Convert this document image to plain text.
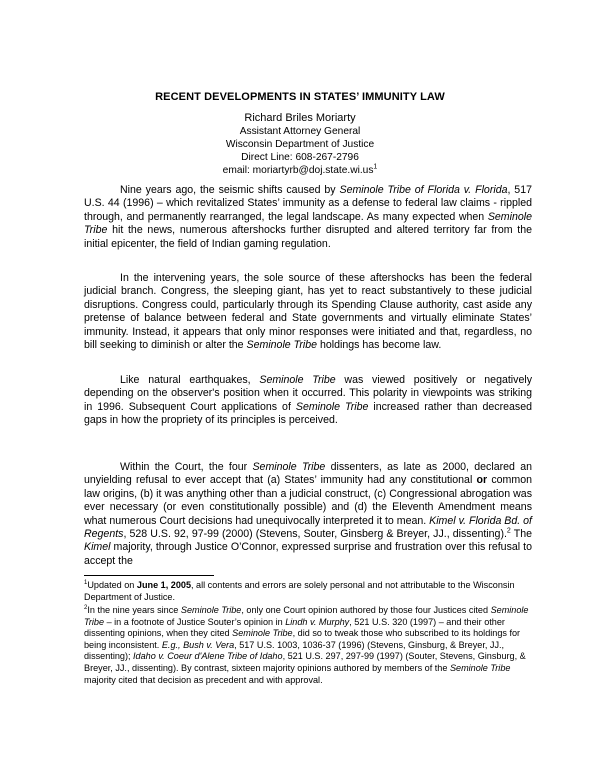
RECENT DEVELOPMENTS IN STATES’ IMMUNITY LAW
Richard Briles Moriarty
Assistant Attorney General
Wisconsin Department of Justice
Direct Line: 608-267-2796
email: $moriartyrb@doj.state.wi.us^1$

Nine years ago, the seismic shifts caused by Seminole Tribe of Florida v. Florida, 517 U.S. 44 (1996) – which revitalized States’ immunity as a defense to federal law claims - rippled through, and permanently rearranged, the legal landscape. As many expected when Seminole Tribe hit the news, numerous aftershocks further disrupted and altered territory far from the initial epicenter, the field of Indian gaming regulation.

In the intervening years, the sole source of these aftershocks has been the federal judicial branch. Congress, the sleeping giant, has yet to react substantively to these judicial disruptions. Congress could, particularly through its Spending Clause authority, cast aside any pretense of balance between federal and State governments and virtually eliminate States’ immunity. Instead, it appears that only minor responses were initiated and that, regardless, no bill seeking to diminish or alter the Seminole Tribe holdings has become law.

Like natural earthquakes, Seminole Tribe was viewed positively or negatively depending on the observer's position when it occurred. This polarity in viewpoints was striking in 1996. Subsequent Court applications of Seminole Tribe increased rather than decreased gaps in how the propriety of its principles is perceived.

Within the Court, the four Seminole Tribe dissenters, as late as 2000, declared an unyielding refusal to ever accept that (a) States’ immunity had any constitutional or common law origins, (b) it was anything other than a judicial construct, (c) Congressional abrogation was ever necessary (or even constitutionally possible) and (d) the Eleventh Amendment means what numerous Court decisions had unequivocally interpreted it to mean. Kimel v. Florida Bd. of Regents, 528 U.S. 92, 97-99 (2000) (Stevens, Souter, Ginsberg & Breyer, JJ., dissenting).$^2$ The Kimel majority, through Justice O’Connor, expressed surprise and frustration over this refusal to accept the

$^1$Updated on June 1, 2005, all contents and errors are solely personal and not attributable to the Wisconsin Department of Justice.
$^2$In the nine years since Seminole Tribe, only one Court opinion authored by those four Justices cited Seminole Tribe – in a footnote of Justice Souter’s opinion in Lindh v. Murphy, 521 U.S. 320 (1997) – and their other dissenting opinions, when they cited Seminole Tribe, did so to tweak those who subscribed to its holdings for being inconsistent. E.g., Bush v. Vera, 517 U.S. 1003, 1036-37 (1996) (Stevens, Ginsburg, & Breyer, JJ., dissenting); Idaho v. Coeur d'Alene Tribe of Idaho, 521 U.S. 297, 297-99 (1997) (Souter, Stevens, Ginsburg, & Breyer, JJ., dissenting). By contrast, sixteen majority opinions authored by members of the Seminole Tribe majority cited that decision as precedent and with approval.
